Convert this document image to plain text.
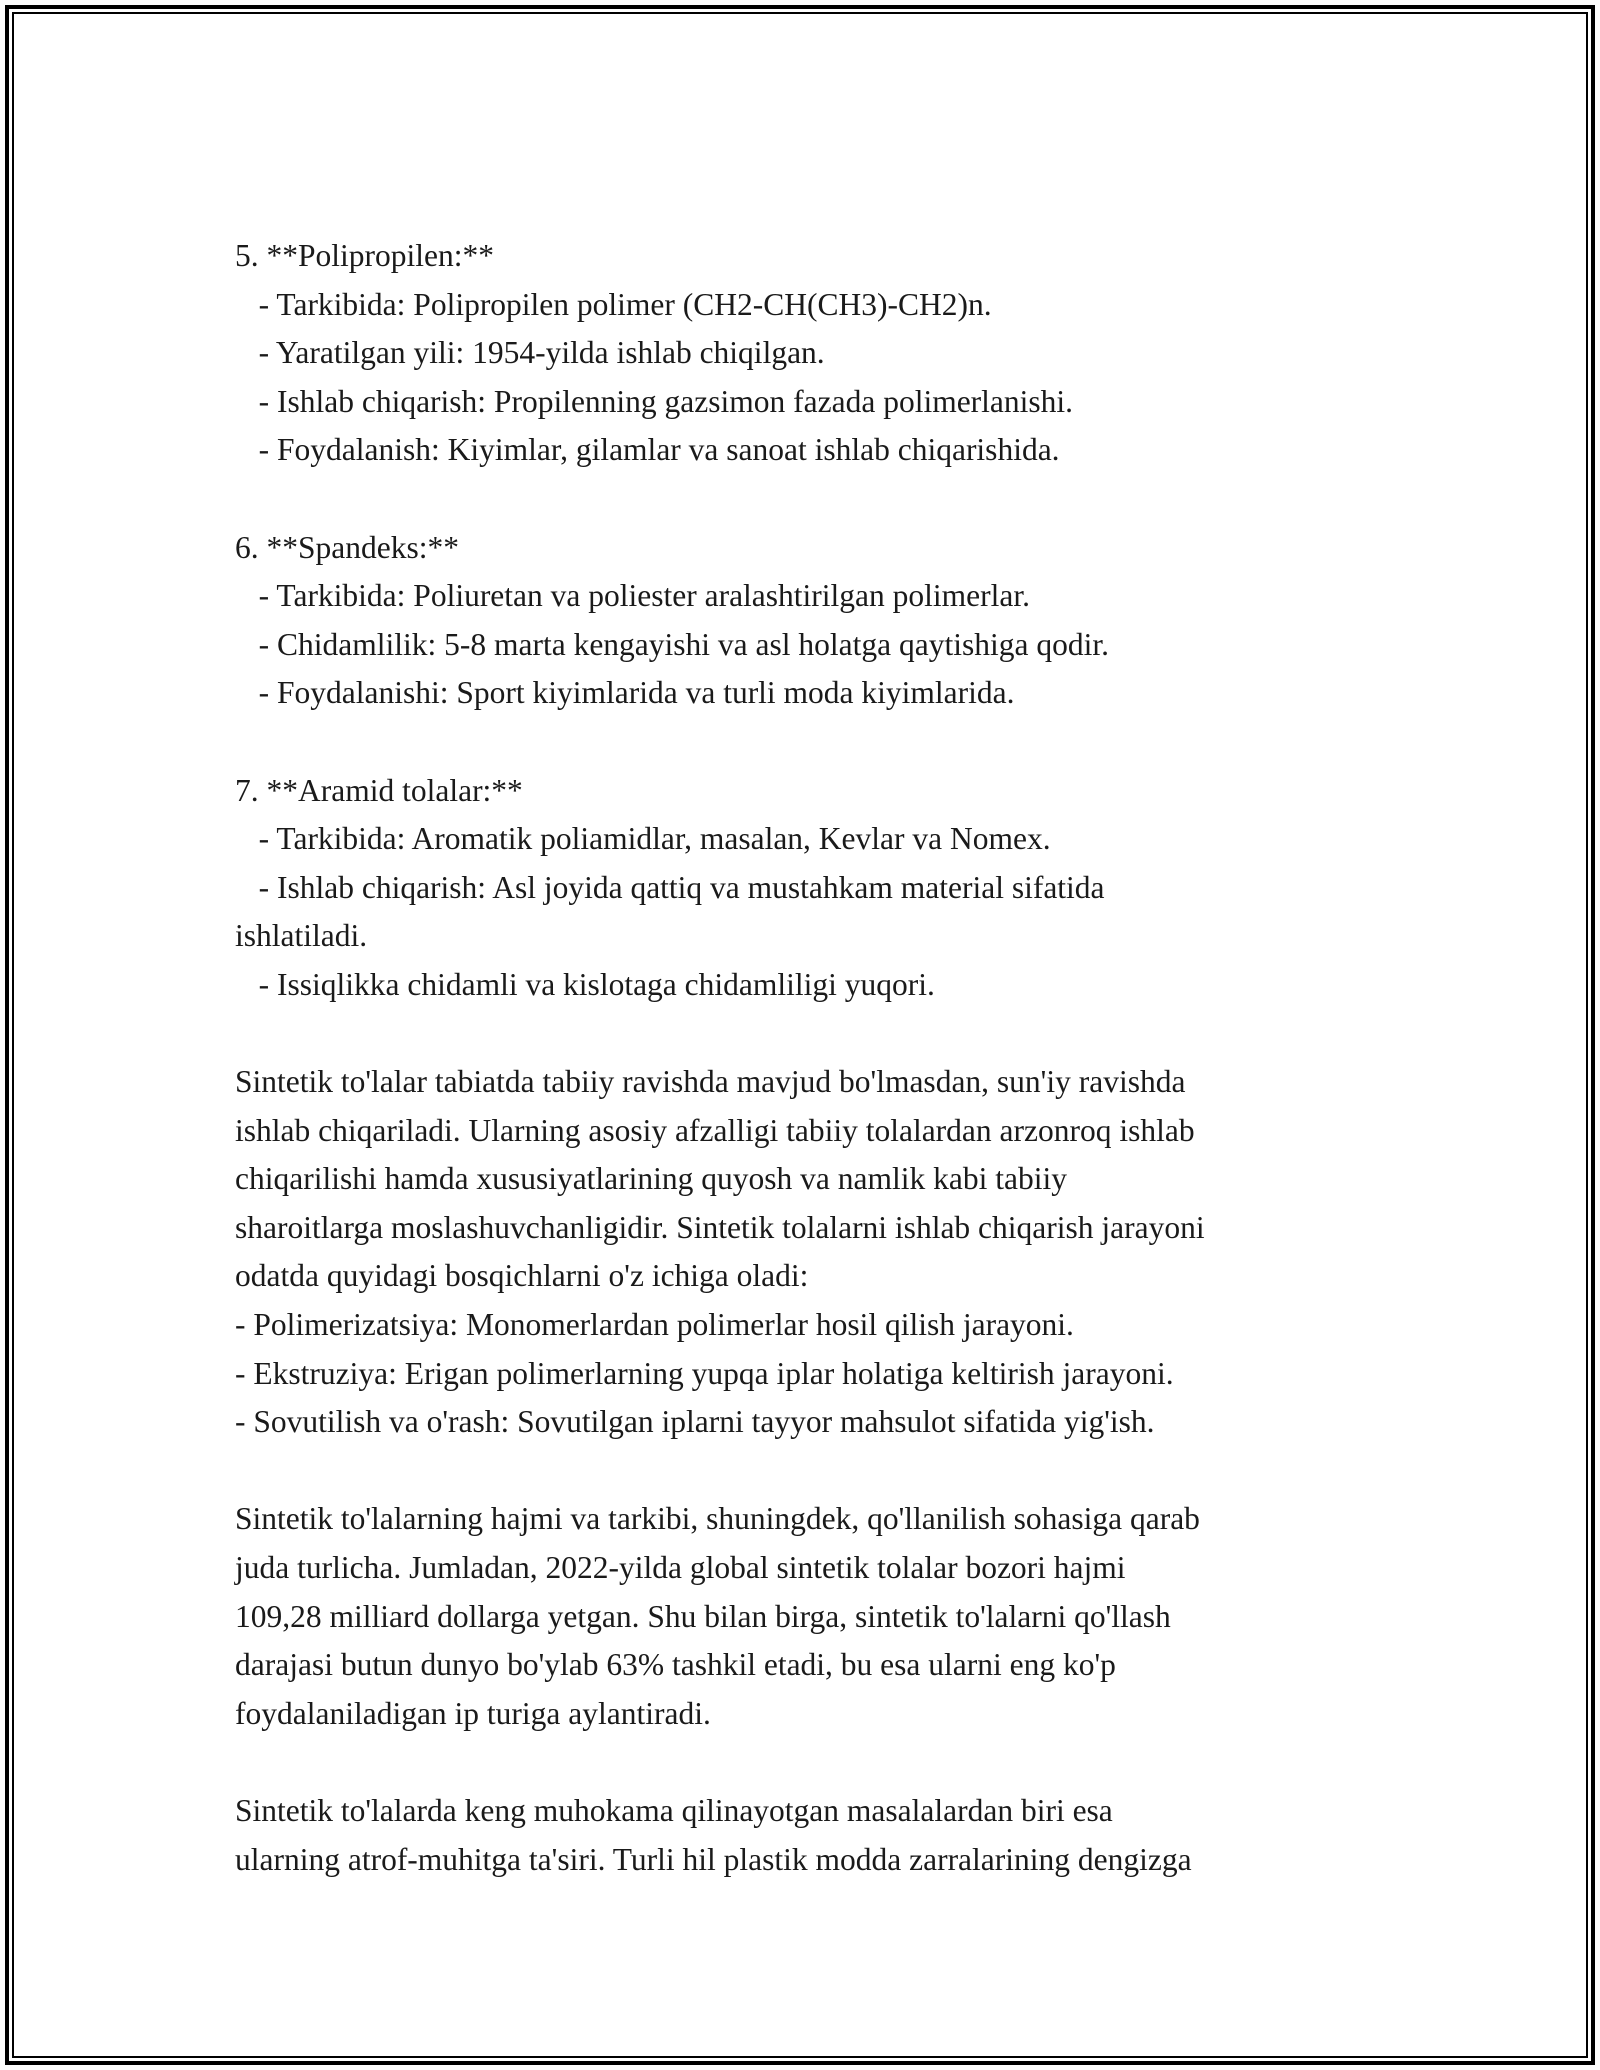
5. **Polipropilen:**
- Tarkibida: Polipropilen polimer (CH2-CH(CH3)-CH2)n.
- Yaratilgan yili: 1954-yilda ishlab chiqilgan.
- Ishlab chiqarish: Propilenning gazsimon fazada polimerlanishi.
- Foydalanish: Kiyimlar, gilamlar va sanoat ishlab chiqarishida.
6. **Spandeks:**
- Tarkibida: Poliuretan va poliester aralashtirilgan polimerlar.
- Chidamlilik: 5-8 marta kengayishi va asl holatga qaytishiga qodir.
- Foydalanishi: Sport kiyimlarida va turli moda kiyimlarida.
7. **Aramid tolalar:**
- Tarkibida: Aromatik poliamidlar, masalan, Kevlar va Nomex.
- Ishlab chiqarish: Asl joyida qattiq va mustahkam material sifatida
ishlatiladi.
- Issiqlikka chidamli va kislotaga chidamliligi yuqori.
Sintetik to'lalar tabiatda tabiiy ravishda mavjud bo'lmasdan, sun'iy ravishda
ishlab chiqariladi. Ularning asosiy afzalligi tabiiy tolalardan arzonroq ishlab
chiqarilishi hamda xususiyatlarining quyosh va namlik kabi tabiiy
sharoitlarga moslashuvchanligidir. Sintetik tolalarni ishlab chiqarish jarayoni
odatda quyidagi bosqichlarni o'z ichiga oladi:
- Polimerizatsiya: Monomerlardan polimerlar hosil qilish jarayoni.
- Ekstruziya: Erigan polimerlarning yupqa iplar holatiga keltirish jarayoni.
- Sovutilish va o'rash: Sovutilgan iplarni tayyor mahsulot sifatida yig'ish.
Sintetik to'lalarning hajmi va tarkibi, shuningdek, qo'llanilish sohasiga qarab
juda turlicha. Jumladan, 2022-yilda global sintetik tolalar bozori hajmi
109,28 milliard dollarga yetgan. Shu bilan birga, sintetik to'lalarni qo'llash
darajasi butun dunyo bo'ylab 63% tashkil etadi, bu esa ularni eng ko'p
foydalaniladigan ip turiga aylantiradi.
Sintetik to'lalarda keng muhokama qilinayotgan masalalardan biri esa
ularning atrof-muhitga ta'siri. Turli hil plastik modda zarralarining dengizga
